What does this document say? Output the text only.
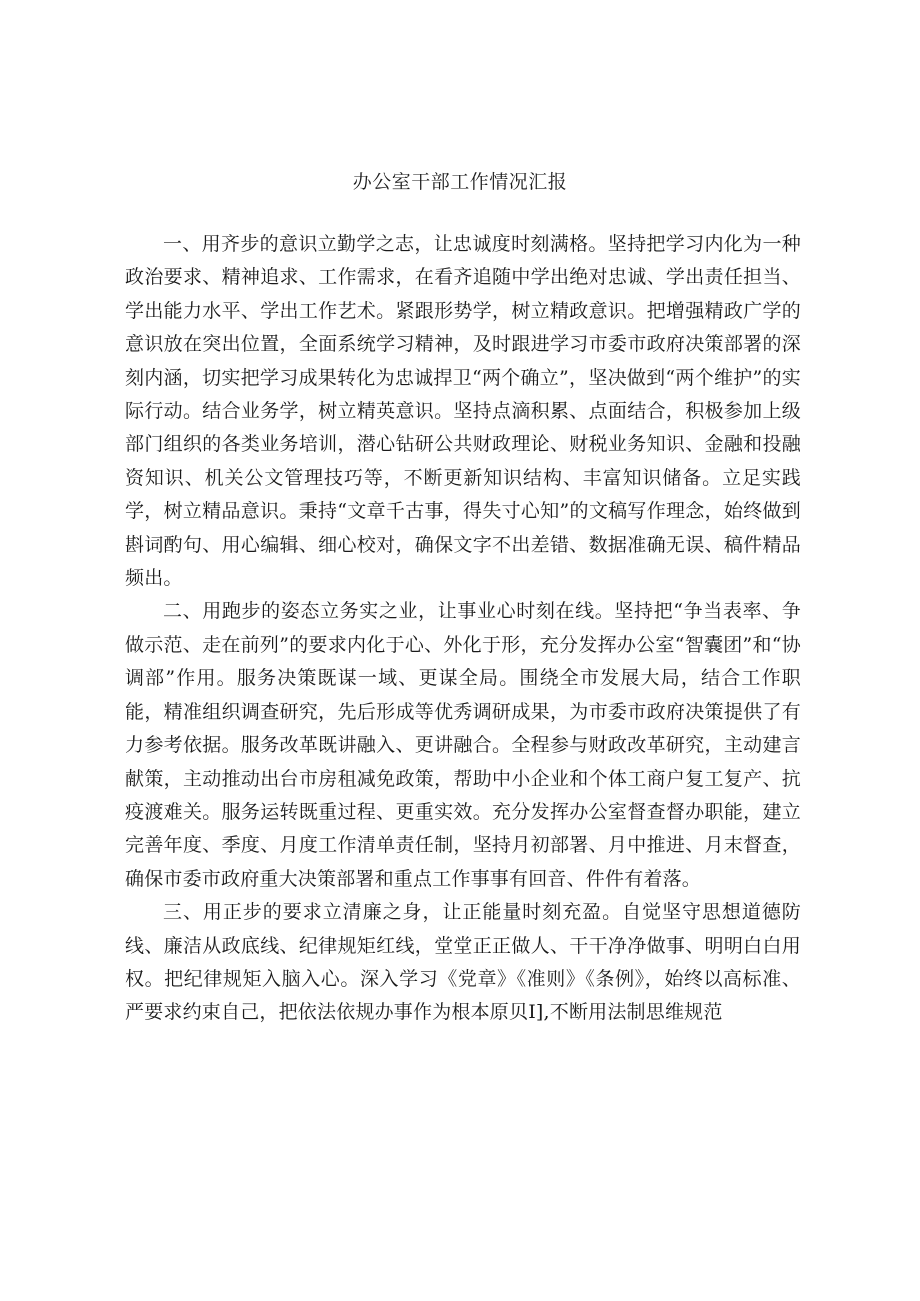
办公室干部工作情况汇报

一、用齐步的意识立勤学之志，让忠诚度时刻满格。坚持把学习内化为一种政治要求、精神追求、工作需求，在看齐追随中学出绝对忠诚、学出责任担当、学出能力水平、学出工作艺术。紧跟形势学，树立精政意识。把增强精政广学的意识放在突出位置，全面系统学习精神，及时跟进学习市委市政府决策部署的深刻内涵，切实把学习成果转化为忠诚捍卫“两个确立”，坚决做到“两个维护”的实际行动。结合业务学，树立精英意识。坚持点滴积累、点面结合，积极参加上级部门组织的各类业务培训，潜心钻研公共财政理论、财税业务知识、金融和投融资知识、机关公文管理技巧等，不断更新知识结构、丰富知识储备。立足实践学，树立精品意识。秉持“文章千古事，得失寸心知”的文稿写作理念，始终做到斟词酌句、用心编辑、细心校对，确保文字不出差错、数据准确无误、稿件精品频出。

二、用跑步的姿态立务实之业，让事业心时刻在线。坚持把“争当表率、争做示范、走在前列”的要求内化于心、外化于形，充分发挥办公室“智囊团”和“协调部”作用。服务决策既谋一域、更谋全局。围绕全市发展大局，结合工作职能，精准组织调查研究，先后形成等优秀调研成果，为市委市政府决策提供了有力参考依据。服务改革既讲融入、更讲融合。全程参与财政改革研究，主动建言献策，主动推动出台市房租减免政策，帮助中小企业和个体工商户复工复产、抗疫渡难关。服务运转既重过程、更重实效。充分发挥办公室督查督办职能，建立完善年度、季度、月度工作清单责任制，坚持月初部署、月中推进、月末督查，确保市委市政府重大决策部署和重点工作事事有回音、件件有着落。

三、用正步的要求立清廉之身，让正能量时刻充盈。自觉坚守思想道德防线、廉洁从政底线、纪律规矩红线，堂堂正正做人、干干净净做事、明明白白用权。把纪律规矩入脑入心。深入学习《党章》《准则》《条例》，始终以高标准、严要求约束自己，把依法依规办事作为根本原贝I],不断用法制思维规范
